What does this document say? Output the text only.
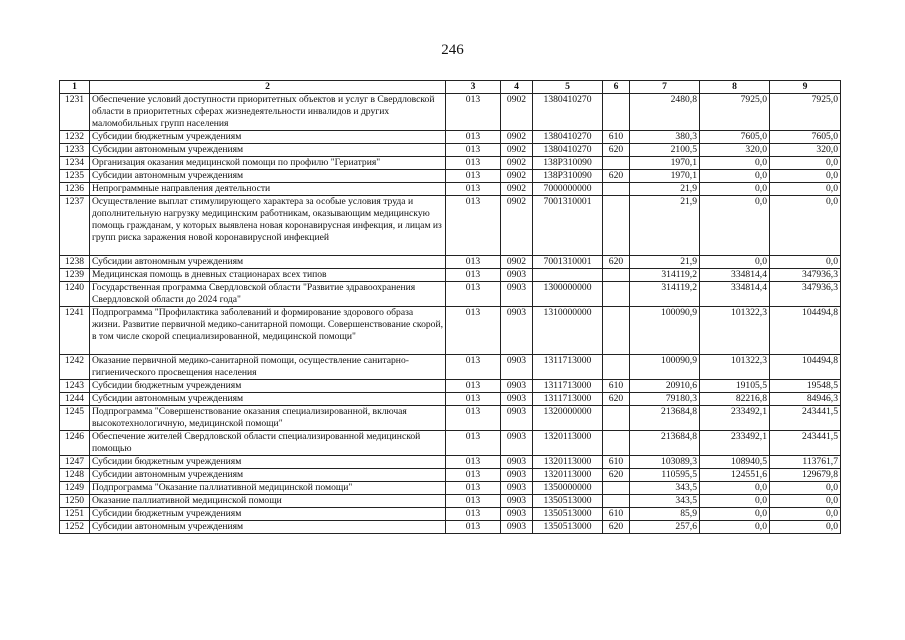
246
1	2	3	4	5	6	7	8	9
1231	Обеспечение условий доступности приоритетных объектов и услуг в Свердловской области в приоритетных сферах жизнедеятельности инвалидов и других маломобильных групп населения	013	0902	1380410270		2480,8	7925,0	7925,0
1232	Субсидии бюджетным учреждениям	013	0902	1380410270	610	380,3	7605,0	7605,0
1233	Субсидии автономным учреждениям	013	0902	1380410270	620	2100,5	320,0	320,0
1234	Организация оказания медицинской помощи по профилю "Гериатрия"	013	0902	138Р310090		1970,1	0,0	0,0
1235	Субсидии автономным учреждениям	013	0902	138Р310090	620	1970,1	0,0	0,0
1236	Непрограммные направления деятельности	013	0902	7000000000		21,9	0,0	0,0
1237	Осуществление выплат стимулирующего характера за особые условия труда и дополнительную нагрузку медицинским работникам, оказывающим медицинскую помощь гражданам, у которых выявлена новая коронавирусная инфекция, и лицам из групп риска заражения новой коронавирусной инфекцией	013	0902	7001310001		21,9	0,0	0,0
1238	Субсидии автономным учреждениям	013	0902	7001310001	620	21,9	0,0	0,0
1239	Медицинская помощь в дневных стационарах всех типов	013	0903			314119,2	334814,4	347936,3
1240	Государственная программа Свердловской области "Развитие здравоохранения Свердловской области до 2024 года"	013	0903	1300000000		314119,2	334814,4	347936,3
1241	Подпрограмма "Профилактика заболеваний и формирование здорового образа жизни. Развитие первичной медико-санитарной помощи. Совершенствование скорой, в том числе скорой специализированной, медицинской помощи"	013	0903	1310000000		100090,9	101322,3	104494,8
1242	Оказание первичной медико-санитарной помощи, осуществление санитарно-гигиенического просвещения населения	013	0903	1311713000		100090,9	101322,3	104494,8
1243	Субсидии бюджетным учреждениям	013	0903	1311713000	610	20910,6	19105,5	19548,5
1244	Субсидии автономным учреждениям	013	0903	1311713000	620	79180,3	82216,8	84946,3
1245	Подпрограмма "Совершенствование оказания специализированной, включая высокотехнологичную, медицинской помощи"	013	0903	1320000000		213684,8	233492,1	243441,5
1246	Обеспечение жителей Свердловской области специализированной медицинской помощью	013	0903	1320113000		213684,8	233492,1	243441,5
1247	Субсидии бюджетным учреждениям	013	0903	1320113000	610	103089,3	108940,5	113761,7
1248	Субсидии автономным учреждениям	013	0903	1320113000	620	110595,5	124551,6	129679,8
1249	Подпрограмма "Оказание паллиативной медицинской помощи"	013	0903	1350000000		343,5	0,0	0,0
1250	Оказание паллиативной медицинской помощи	013	0903	1350513000		343,5	0,0	0,0
1251	Субсидии бюджетным учреждениям	013	0903	1350513000	610	85,9	0,0	0,0
1252	Субсидии автономным учреждениям	013	0903	1350513000	620	257,6	0,0	0,0
